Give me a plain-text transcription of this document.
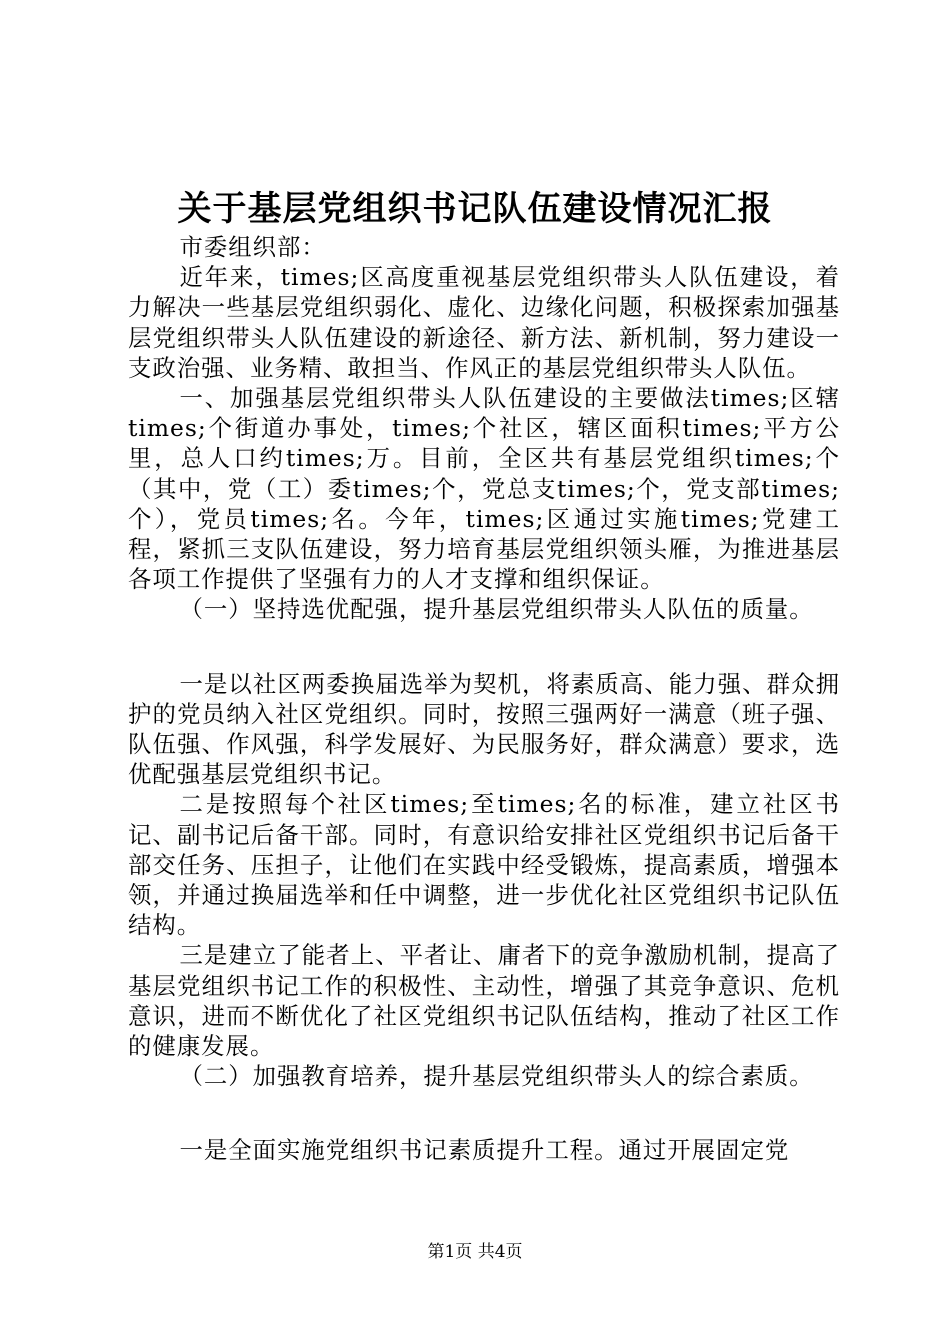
关于基层党组织书记队伍建设情况汇报

市委组织部：

近年来，times;区高度重视基层党组织带头人队伍建设，着力解决一些基层党组织弱化、虚化、边缘化问题，积极探索加强基层党组织带头人队伍建设的新途径、新方法、新机制，努力建设一支政治强、业务精、敢担当、作风正的基层党组织带头人队伍。

一、加强基层党组织带头人队伍建设的主要做法times;区辖times;个街道办事处，times;个社区，辖区面积times;平方公里，总人口约times;万。目前，全区共有基层党组织times;个（其中，党（工）委times;个，党总支times;个，党支部times;个），党员times;名。今年，times;区通过实施times;党建工程，紧抓三支队伍建设，努力培育基层党组织领头雁，为推进基层各项工作提供了坚强有力的人才支撑和组织保证。

（一）坚持选优配强，提升基层党组织带头人队伍的质量。

一是以社区两委换届选举为契机，将素质高、能力强、群众拥护的党员纳入社区党组织。同时，按照三强两好一满意（班子强、队伍强、作风强，科学发展好、为民服务好，群众满意）要求，选优配强基层党组织书记。

二是按照每个社区times;至times;名的标准，建立社区书记、副书记后备干部。同时，有意识给安排社区党组织书记后备干部交任务、压担子，让他们在实践中经受锻炼，提高素质，增强本领，并通过换届选举和任中调整，进一步优化社区党组织书记队伍结构。

三是建立了能者上、平者让、庸者下的竞争激励机制，提高了基层党组织书记工作的积极性、主动性，增强了其竞争意识、危机意识，进而不断优化了社区党组织书记队伍结构，推动了社区工作的健康发展。

（二）加强教育培养，提升基层党组织带头人的综合素质。

一是全面实施党组织书记素质提升工程。通过开展固定党

第1页 共4页
